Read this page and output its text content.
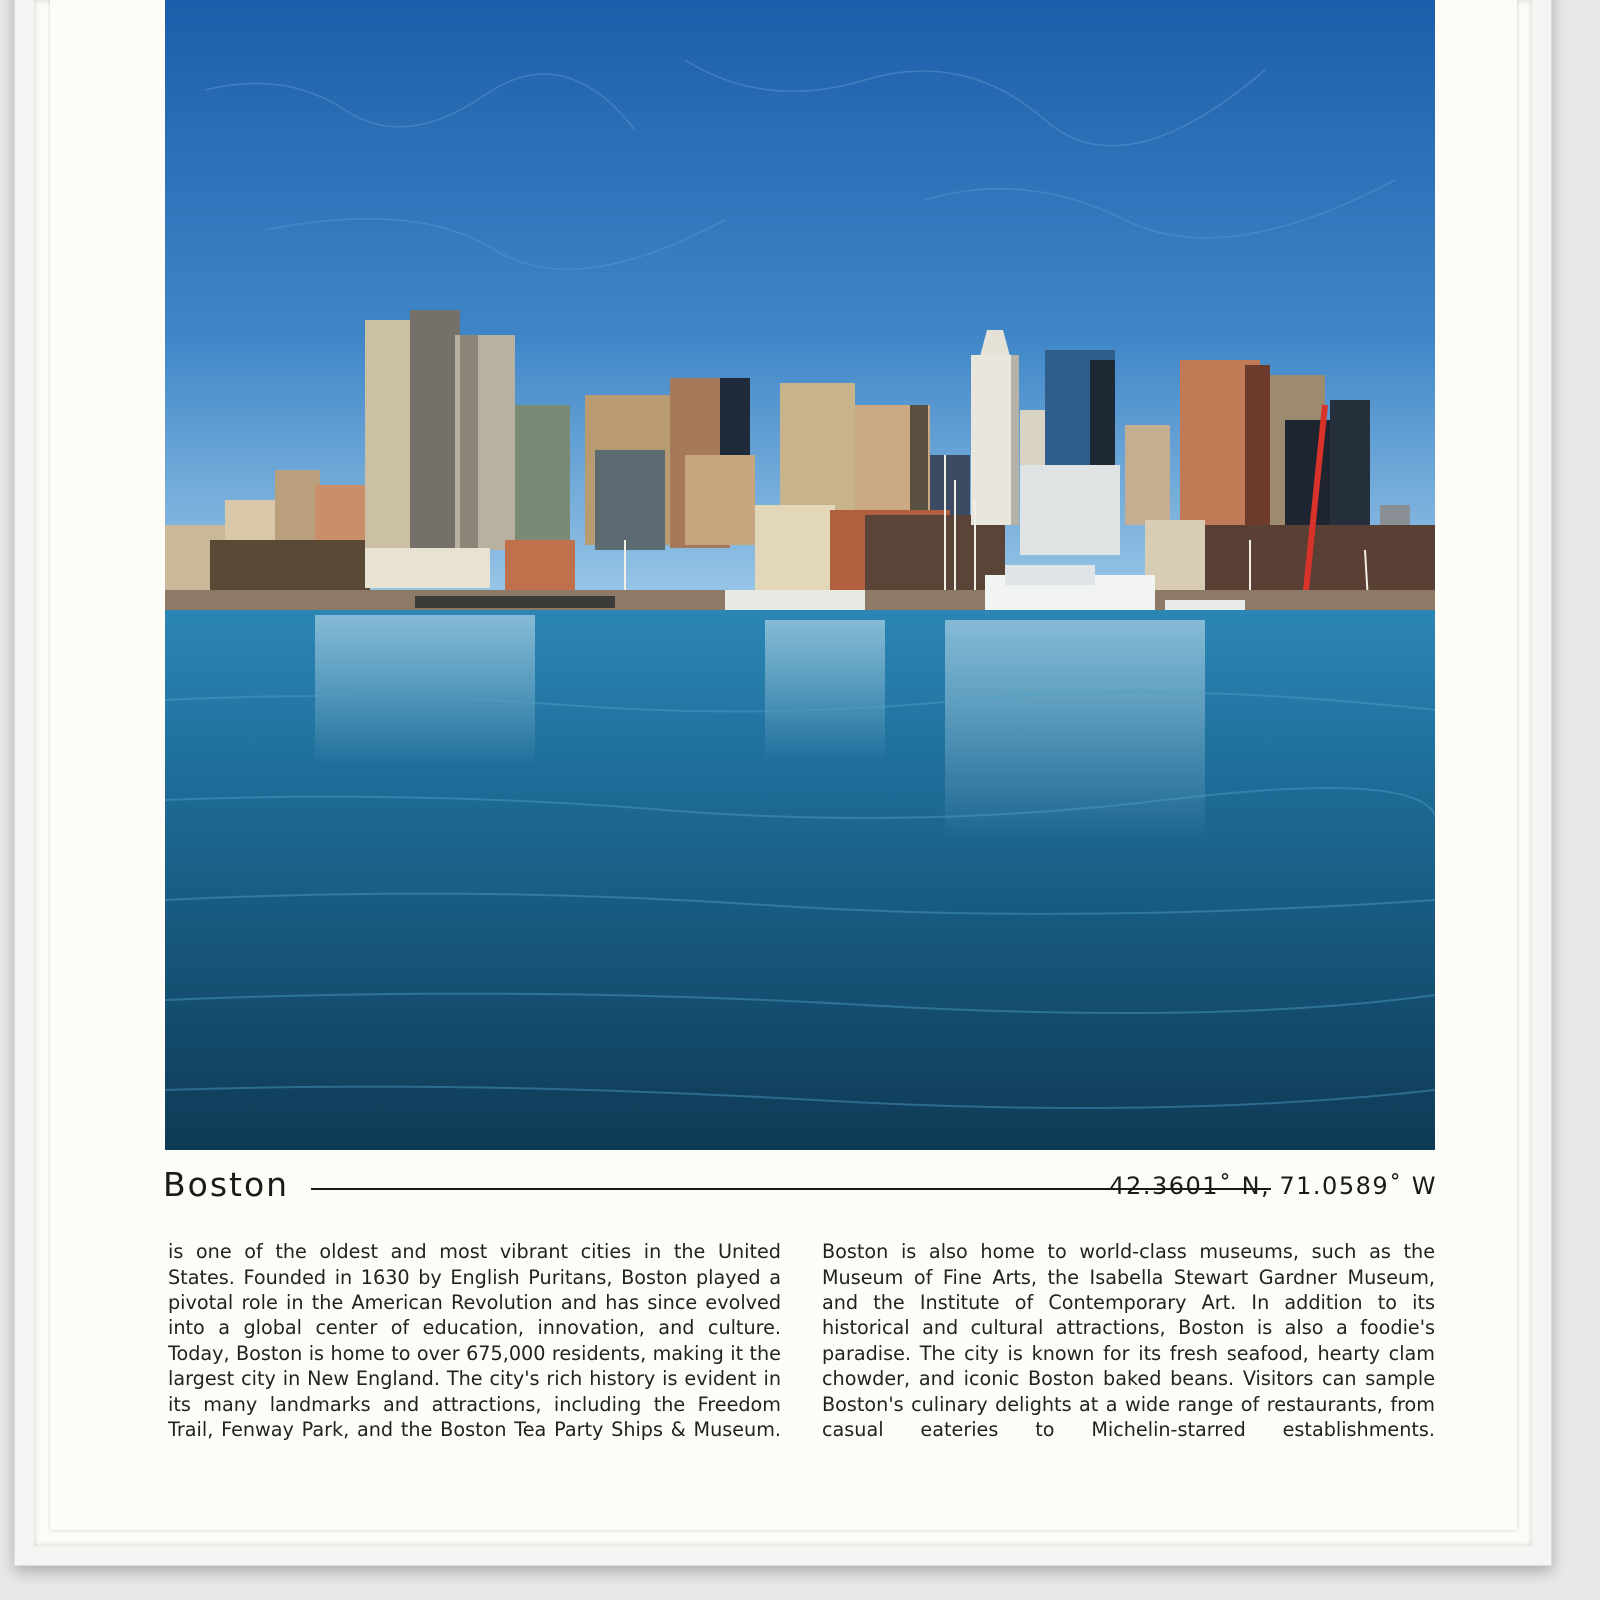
Boston	42.3601˚ N, 71.0589˚ W

is one of the oldest and most vibrant cities in the United States. Founded in 1630 by English Puritans, Boston played a pivotal role in the American Revolution and has since evolved into a global center of education, innovation, and culture. Today, Boston is home to over 675,000 residents, making it the largest city in New England. The city's rich history is evident in its many landmarks and attractions, including the Freedom Trail, Fenway Park, and the Boston Tea Party Ships & Museum.

Boston is also home to world-class museums, such as the Museum of Fine Arts, the Isabella Stewart Gardner Museum, and the Institute of Contemporary Art. In addition to its historical and cultural attractions, Boston is also a foodie's paradise. The city is known for its fresh seafood, hearty clam chowder, and iconic Boston baked beans. Visitors can sample Boston's culinary delights at a wide range of restaurants, from casual eateries to Michelin-starred establishments.
